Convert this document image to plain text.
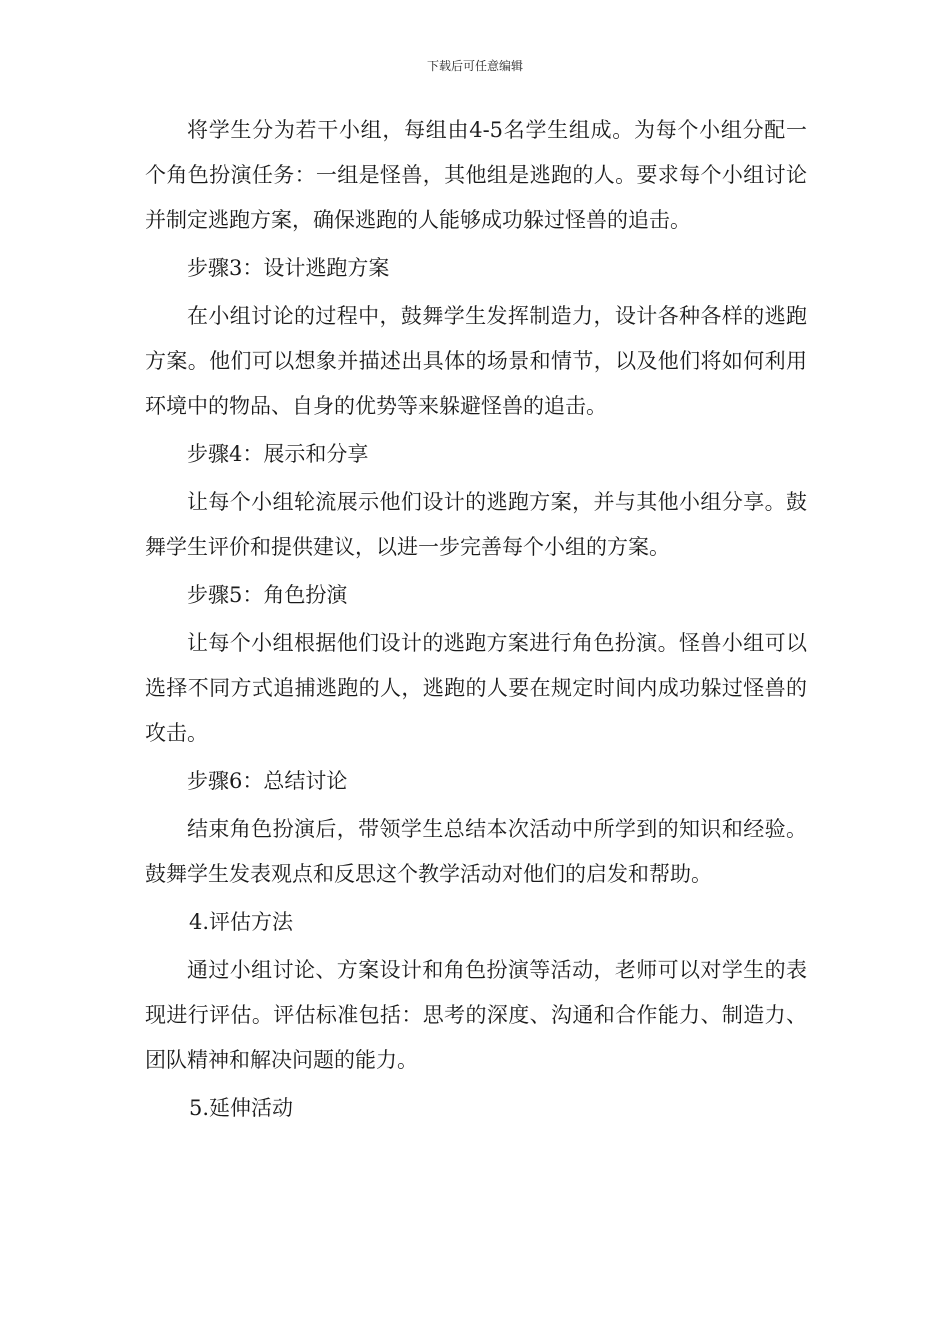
下载后可任意编辑

将学生分为若干小组，每组由4-5名学生组成。为每个小组分配一个角色扮演任务：一组是怪兽，其他组是逃跑的人。要求每个小组讨论并制定逃跑方案，确保逃跑的人能够成功躲过怪兽的追击。

步骤3：设计逃跑方案

在小组讨论的过程中，鼓舞学生发挥制造力，设计各种各样的逃跑方案。他们可以想象并描述出具体的场景和情节，以及他们将如何利用环境中的物品、自身的优势等来躲避怪兽的追击。

步骤4：展示和分享

让每个小组轮流展示他们设计的逃跑方案，并与其他小组分享。鼓舞学生评价和提供建议，以进一步完善每个小组的方案。

步骤5：角色扮演

让每个小组根据他们设计的逃跑方案进行角色扮演。怪兽小组可以选择不同方式追捕逃跑的人，逃跑的人要在规定时间内成功躲过怪兽的攻击。

步骤6：总结讨论

结束角色扮演后，带领学生总结本次活动中所学到的知识和经验。鼓舞学生发表观点和反思这个教学活动对他们的启发和帮助。

4.评估方法

通过小组讨论、方案设计和角色扮演等活动，老师可以对学生的表现进行评估。评估标准包括：思考的深度、沟通和合作能力、制造力、团队精神和解决问题的能力。

5.延伸活动
